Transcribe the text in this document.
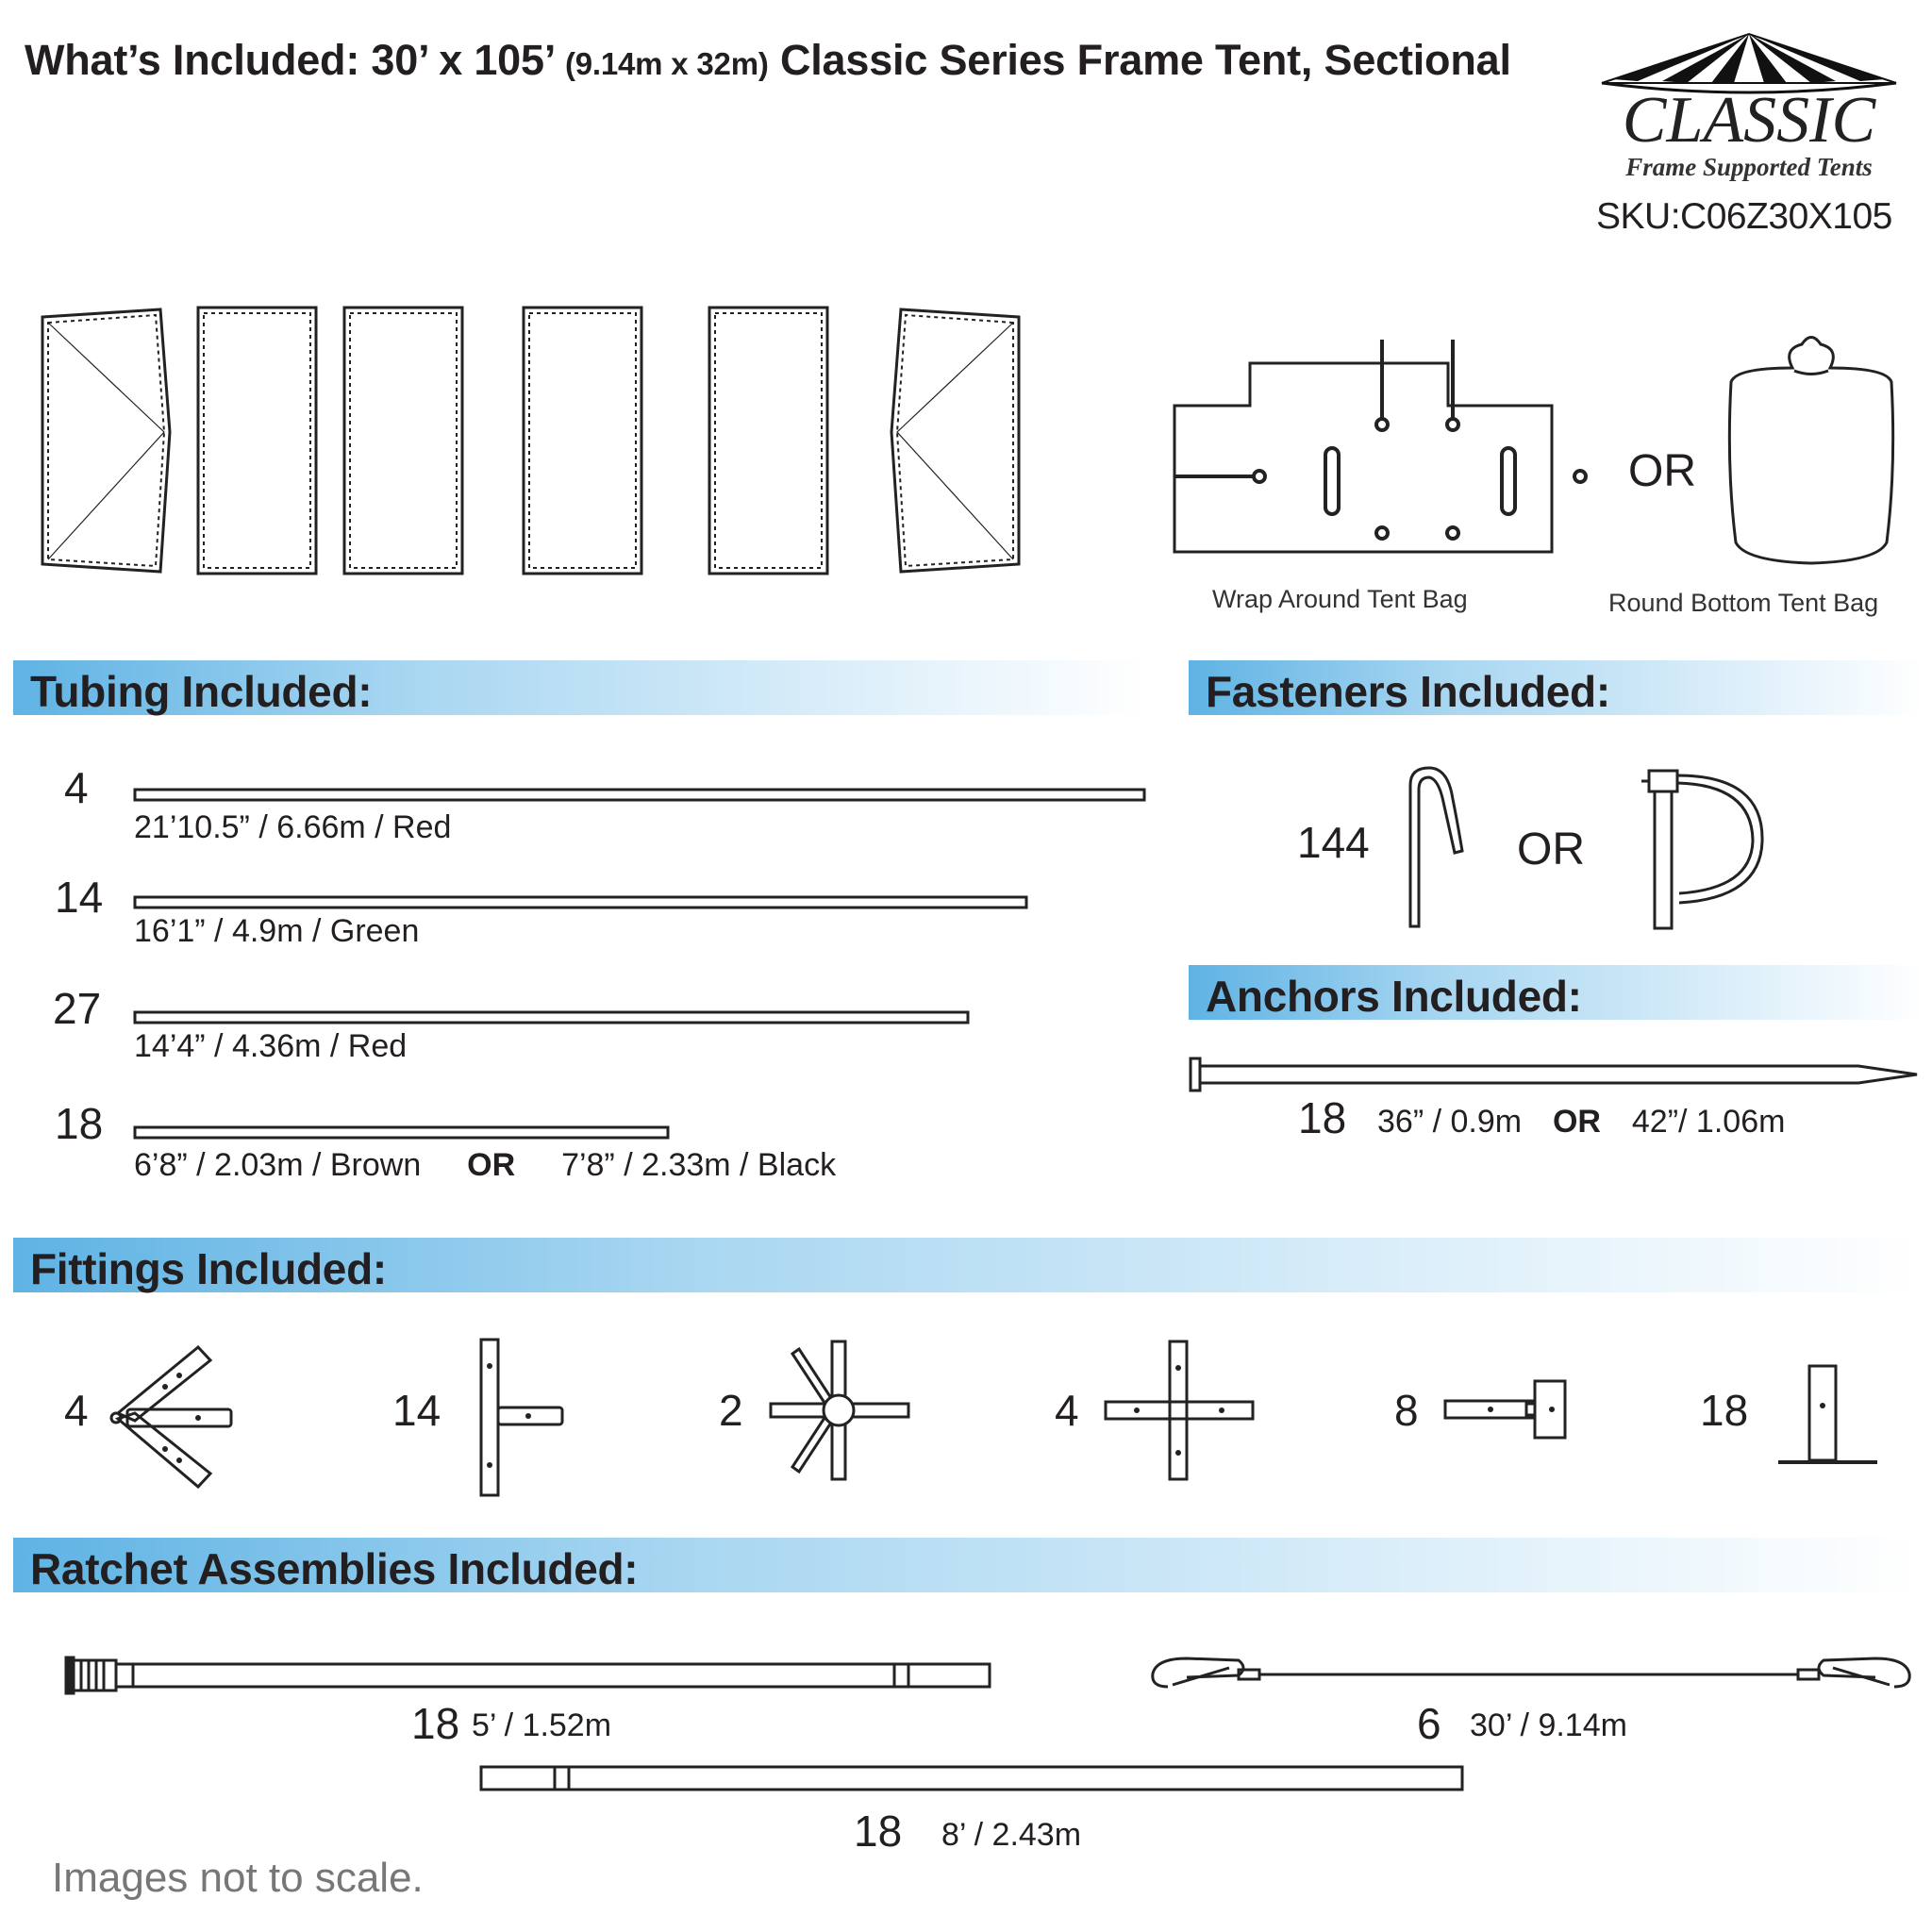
What’s Included: 30’ x 105’ (9.14m x 32m) Classic Series Frame Tent, Sectional
CLASSIC
Frame Supported Tents
SKU:C06Z30X105
OR
Wrap Around Tent Bag	Round Bottom Tent Bag
Tubing Included:
4
21’10.5” / 6.66m / Red
14
16’1” / 4.9m / Green
27
14’4” / 4.36m / Red
18
6’8” / 2.03m / Brown OR 7’8” / 2.33m / Black
Fasteners Included:
144	OR
Anchors Included:
18 36” / 0.9m OR 42”/ 1.06m
Fittings Included:
4	14	2	4	8	18
Ratchet Assemblies Included:
18 5’ / 1.52m	6 30’ / 9.14m
18 8’ / 2.43m
Images not to scale.
